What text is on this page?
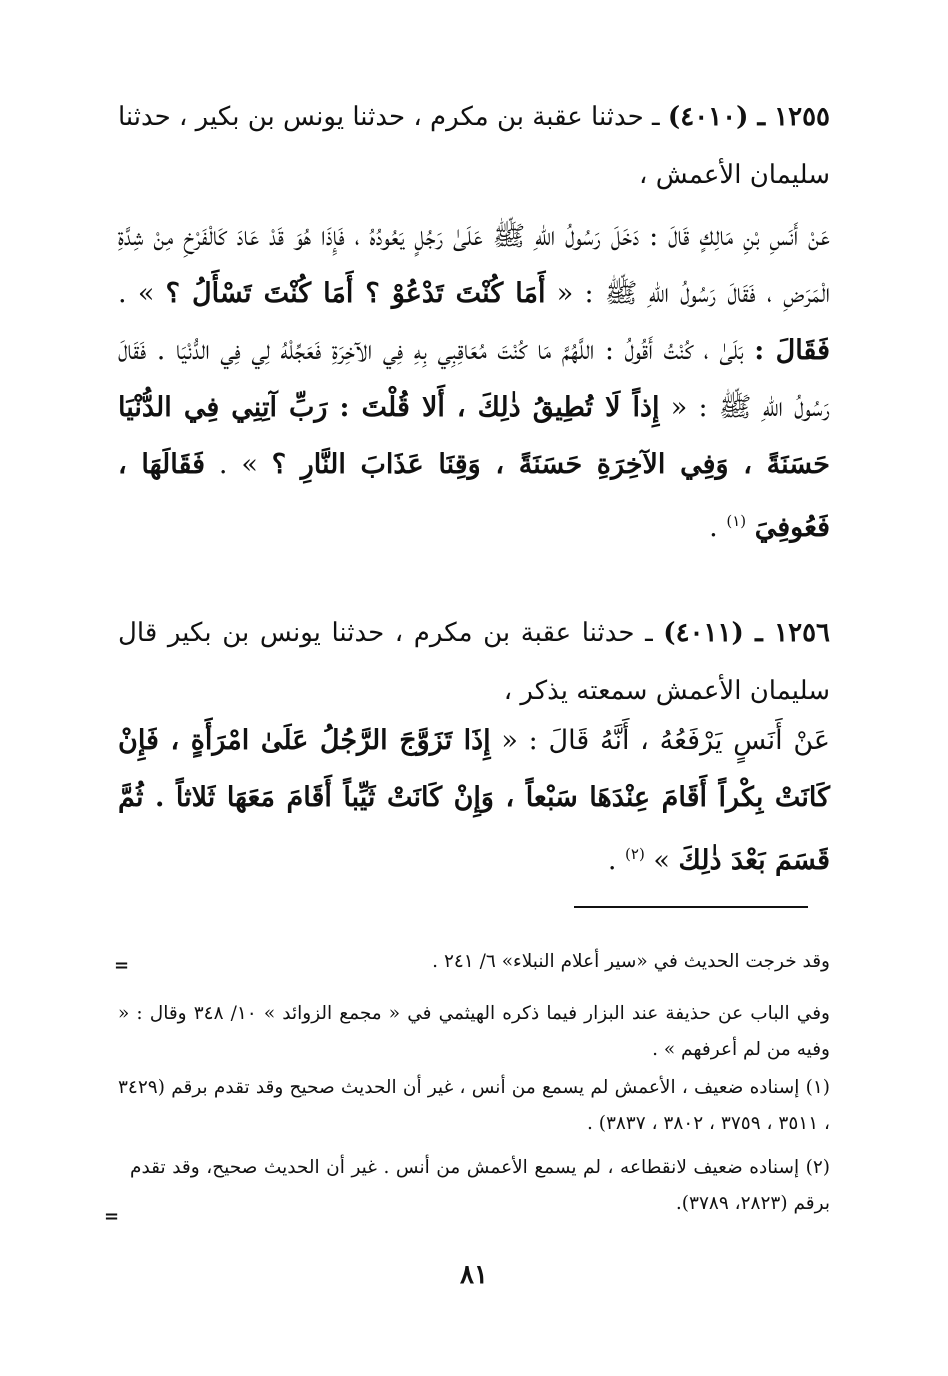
١٢٥٥ ـ (٤٠١٠) ـ حدثنا عقبة بن مكرم ، حدثنا يونس بن بكير ، حدثنا سليمان الأعمش ،
عَنْ أَنَسِ بْنِ مَالِكٍ قَالَ : دَخَلَ رَسُولُ اللهِ ﷺ عَلَىٰ رَجُلٍ يَعُودُهُ ، فَإِذَا هُوَ قَدْ عَادَ كَالْفَرْخِ مِنْ شِدَّةِ الْمَرَضِ ، فَقَالَ رَسُولُ اللهِ ﷺ : « أَمَا كُنْتَ تَدْعُوْ ؟ أَمَا كُنْتَ تَسْأَلُ ؟ » . فَقَالَ : بَلَىٰ ، كُنْتُ أَقُولُ : اللَّهُمَّ مَا كُنْتَ مُعَاقِبِي بِهِ فِي الآخِرَةِ فَعَجِّلْهُ لِي فِي الدُّنْيَا . فَقَالَ رَسُولُ اللهِ ﷺ : « إِذاً لَا تُطِيقُ ذٰلِكَ ، أَلا قُلْتَ : رَبِّ آتِنِي فِي الدُّنْيَا حَسَنَةً ، وَفِي الآخِرَةِ حَسَنَةً ، وَقِنَا عَذَابَ النَّارِ ؟ » . فَقَالَهَا ، فَعُوفِيَ $^{(١)}$ .
١٢٥٦ ـ (٤٠١١) ـ حدثنا عقبة بن مكرم ، حدثنا يونس بن بكير قال سليمان الأعمش سمعته يذكر ،
عَنْ أَنَسٍ يَرْفَعُهُ ، أَنَّهُ قَالَ : « إِذَا تَزَوَّجَ الرَّجُلُ عَلَىٰ امْرَأَةٍ ، فَإِنْ كَانَتْ بِكْراً أَقَامَ عِنْدَهَا سَبْعاً ، وَإِنْ كَانَتْ ثَيِّباً أَقَامَ مَعَهَا ثَلاثاً . ثُمَّ قَسَمَ بَعْدَ ذٰلِكَ » $^{(٢)}$ .
=	وقد خرجت الحديث في «سير أعلام النبلاء» ٦/ ٢٤١ .
وفي الباب عن حذيفة عند البزار فيما ذكره الهيثمي في « مجمع الزوائد » ١٠/ ٣٤٨ وقال : « وفيه من لم أعرفهم » .
(١) إسناده ضعيف ، الأعمش لم يسمع من أنس ، غير أن الحديث صحيح وقد تقدم برقم (٣٤٢٩ ، ٣٥١١ ، ٣٧٥٩ ، ٣٨٠٢ ، ٣٨٣٧) .
(٢) إسناده ضعيف لانقطاعه ، لم يسمع الأعمش من أنس . غير أن الحديث صحيح، وقد تقدم برقم (٢٨٢٣، ٣٧٨٩).
=
٨١
